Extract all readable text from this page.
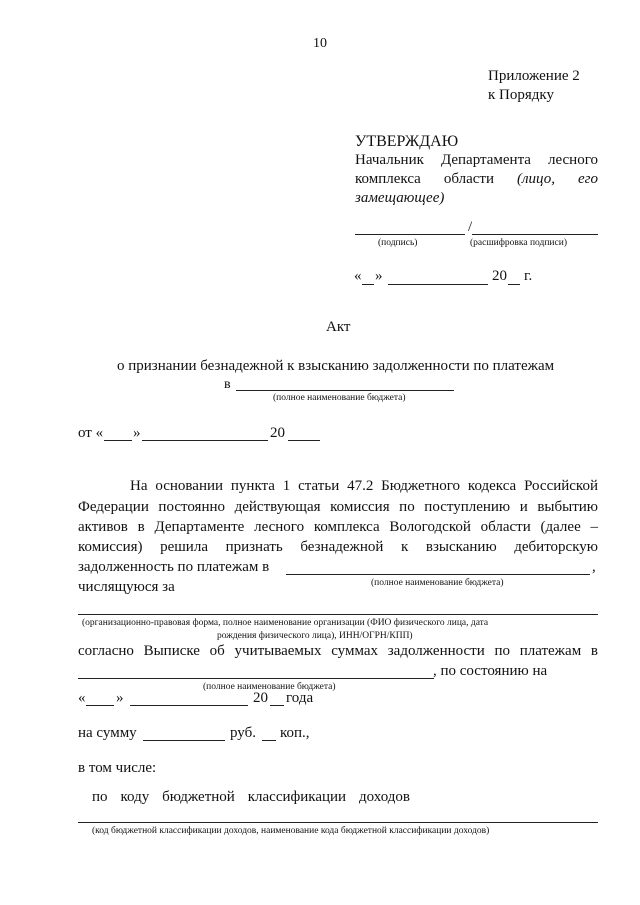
10
Приложение 2
к Порядку
УТВЕРЖДАЮ
Начальник Департамента лесного
комплекса области (лицо, его
замещающее)
/
(подпись)	(расшифровка подписи)
« »	20 г.
Акт
о признании безнадежной к взысканию задолженности по платежам
в
(полное наименование бюджета)
от « »	20
На основании пункта 1 статьи 47.2 Бюджетного кодекса Российской
Федерации постоянно действующая комиссия по поступлению и выбытию
активов в Департаменте лесного комплекса Вологодской области (далее –
комиссия) решила признать безнадежной к взысканию дебиторскую
задолженность по платежам в	,
(полное наименование бюджета)
числящуюся за
(организационно-правовая форма, полное наименование организации (ФИО физического лица, дата
рождения физического лица), ИНН/ОГРН/КПП)
согласно Выписке об учитываемых суммах задолженности по платежам в
, по состоянию на
(полное наименование бюджета)
« »	20 года
на сумму	руб. коп.,
в том числе:
по коду бюджетной классификации доходов
(код бюджетной классификации доходов, наименование кода бюджетной классификации доходов)
